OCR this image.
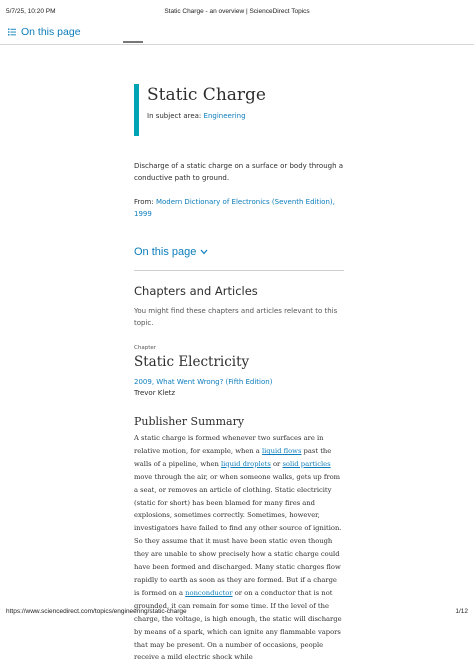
5/7/25, 10:20 PM	Static Charge - an overview | ScienceDirect Topics
On this page
Static Charge
In subject area: Engineering
Discharge of a static charge on a surface or body through a conductive path to ground.
From: Modern Dictionary of Electronics (Seventh Edition), 1999
On this page
Chapters and Articles
You might find these chapters and articles relevant to this topic.
Chapter
Static Electricity
2009, What Went Wrong? (Fifth Edition)
Trevor Kletz
Publisher Summary
A static charge is formed whenever two surfaces are in relative motion, for example, when a liquid flows past the walls of a pipeline, when liquid droplets or solid particles move through the air, or when someone walks, gets up from a seat, or removes an article of clothing. Static electricity (static for short) has been blamed for many fires and explosions, sometimes correctly. Sometimes, however, investigators have failed to find any other source of ignition. So they assume that it must have been static even though they are unable to show precisely how a static charge could have been formed and discharged. Many static charges flow rapidly to earth as soon as they are formed. But if a charge is formed on a nonconductor or on a conductor that is not grounded, it can remain for some time. If the level of the charge, the voltage, is high enough, the static will discharge by means of a spark, which can ignite any flammable vapors that may be present. On a number of occasions, people receive a mild electric shock while
https://www.sciencedirect.com/topics/engineering/static-charge	1/12
